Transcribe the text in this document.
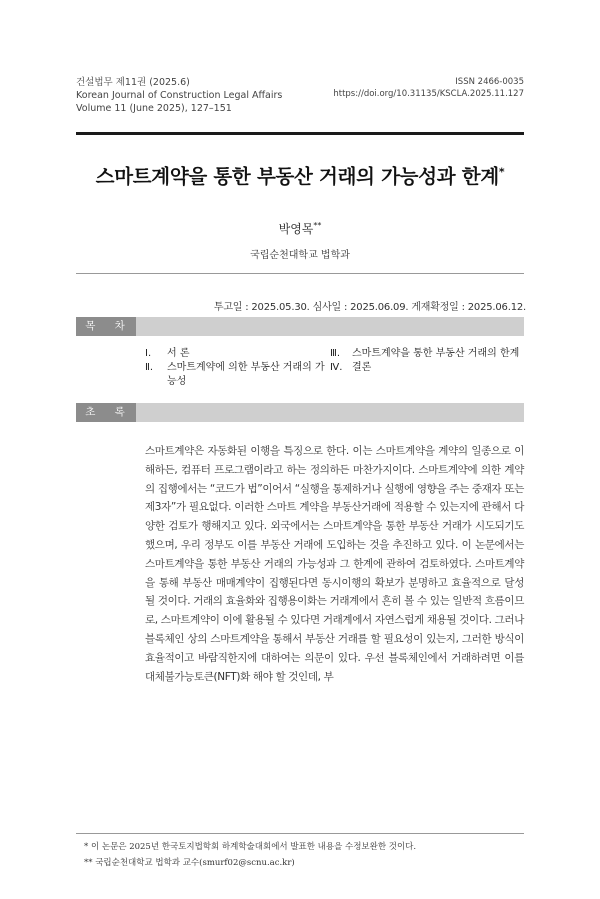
건설법무 제11권 (2025.6)
Korean Journal of Construction Legal Affairs
Volume 11 (June 2025), 127–151
ISSN 2466-0035
https://doi.org/10.31135/KSCLA.2025.11.127
스마트계약을 통한 부동산 거래의 가능성과 한계*
박영목**
국립순천대학교 법학과
투고일 : 2025.05.30. 심사일 : 2025.06.09. 게재확정일 : 2025.06.12.
목 차
Ⅰ.	서 론
Ⅱ.	스마트계약에 의한 부동산 거래의 가능성
Ⅲ.	스마트계약을 통한 부동산 거래의 한계
Ⅳ. 결론
초 록
스마트계약은 자동화된 이행을 특징으로 한다. 이는 스마트계약을 계약의 일종으로 이해하든, 컴퓨터 프로그램이라고 하는 정의하든 마찬가지이다. 스마트계약에 의한 계약의 집행에서는 “코드가 법”이어서 “실행을 통제하거나 실행에 영향을 주는 중재자 또는 제3자”가 필요없다. 이러한 스마트 계약을 부동산거래에 적용할 수 있는지에 관해서 다양한 검토가 행해지고 있다. 외국에서는 스마트계약을 통한 부동산 거래가 시도되기도 했으며, 우리 정부도 이를 부동산 거래에 도입하는 것을 추진하고 있다. 이 논문에서는 스마트계약을 통한 부동산 거래의 가능성과 그 한계에 관하여 검토하였다. 스마트계약을 통해 부동산 매매계약이 집행된다면 동시이행의 확보가 분명하고 효율적으로 달성될 것이다. 거래의 효율화와 집행용이화는 거래계에서 흔히 볼 수 있는 일반적 흐름이므로, 스마트계약이 이에 활용될 수 있다면 거래계에서 자연스럽게 채용될 것이다. 그러나 블록체인 상의 스마트계약을 통해서 부동산 거래를 할 필요성이 있는지, 그러한 방식이 효율적이고 바람직한지에 대하여는 의문이 있다. 우선 블록체인에서 거래하려면 이를 대체불가능토큰(NFT)화 해야 할 것인데, 부
* 이 논문은 2025년 한국토지법학회 하계학술대회에서 발표한 내용을 수정보완한 것이다.
** 국립순천대학교 법학과 교수(smurf02@scnu.ac.kr)
